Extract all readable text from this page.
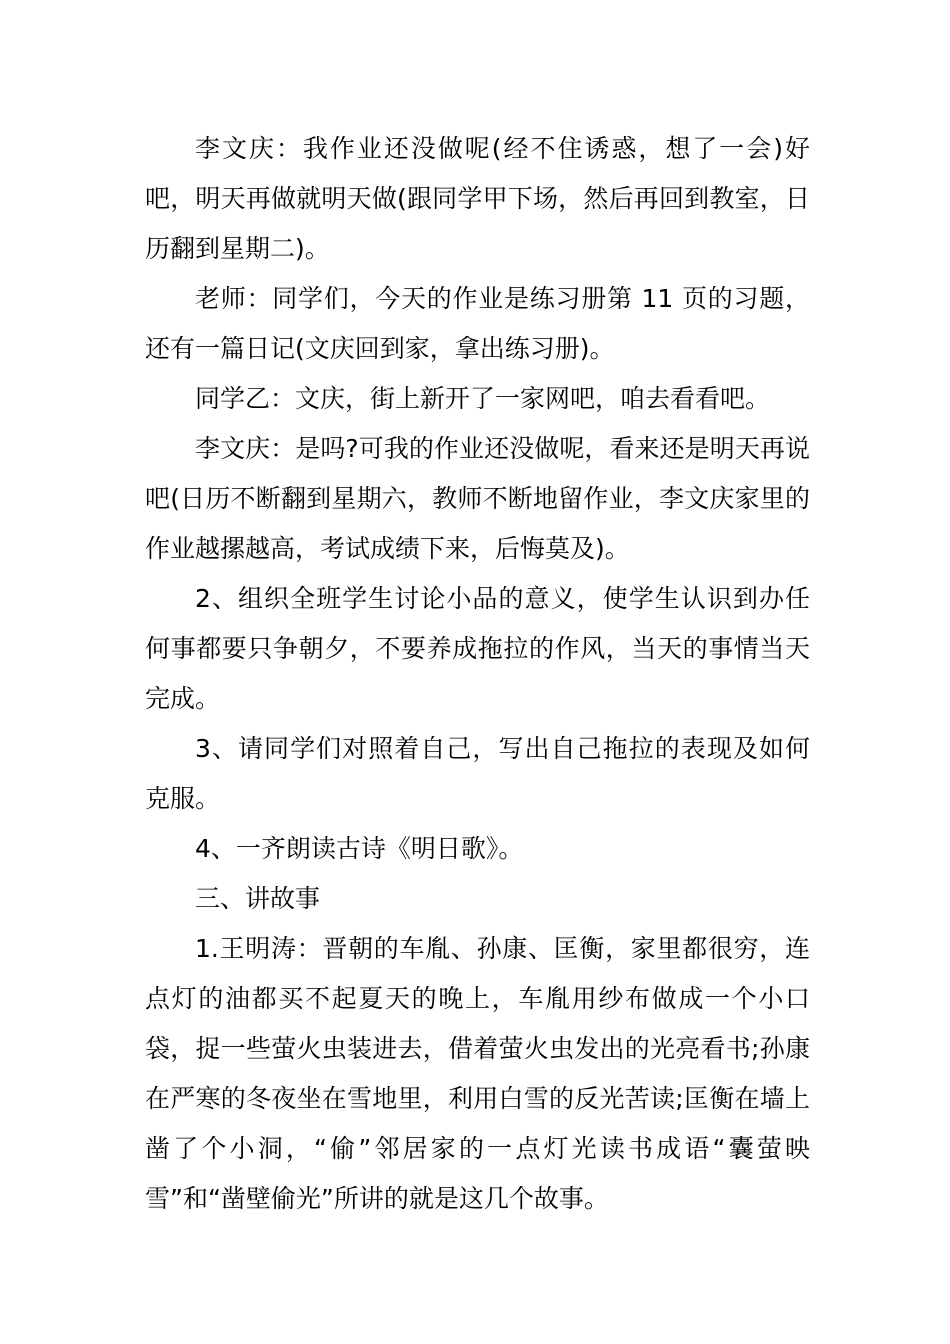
李文庆：我作业还没做呢(经不住诱惑，想了一会)好吧，明天再做就明天做(跟同学甲下场，然后再回到教室，日历翻到星期二)。

老师：同学们，今天的作业是练习册第 11 页的习题，还有一篇日记(文庆回到家，拿出练习册)。

同学乙：文庆，街上新开了一家网吧，咱去看看吧。

李文庆：是吗?可我的作业还没做呢，看来还是明天再说吧(日历不断翻到星期六，教师不断地留作业，李文庆家里的作业越摞越高，考试成绩下来，后悔莫及)。

2、组织全班学生讨论小品的意义，使学生认识到办任何事都要只争朝夕，不要养成拖拉的作风，当天的事情当天完成。

3、请同学们对照着自己，写出自己拖拉的表现及如何克服。

4、一齐朗读古诗《明日歌》。

三、讲故事

1.王明涛：晋朝的车胤、孙康、匡衡，家里都很穷，连点灯的油都买不起夏天的晚上，车胤用纱布做成一个小口袋，捉一些萤火虫装进去，借着萤火虫发出的光亮看书;孙康在严寒的冬夜坐在雪地里，利用白雪的反光苦读;匡衡在墙上凿了个小洞，“偷”邻居家的一点灯光读书成语“囊萤映雪”和“凿壁偷光”所讲的就是这几个故事。
